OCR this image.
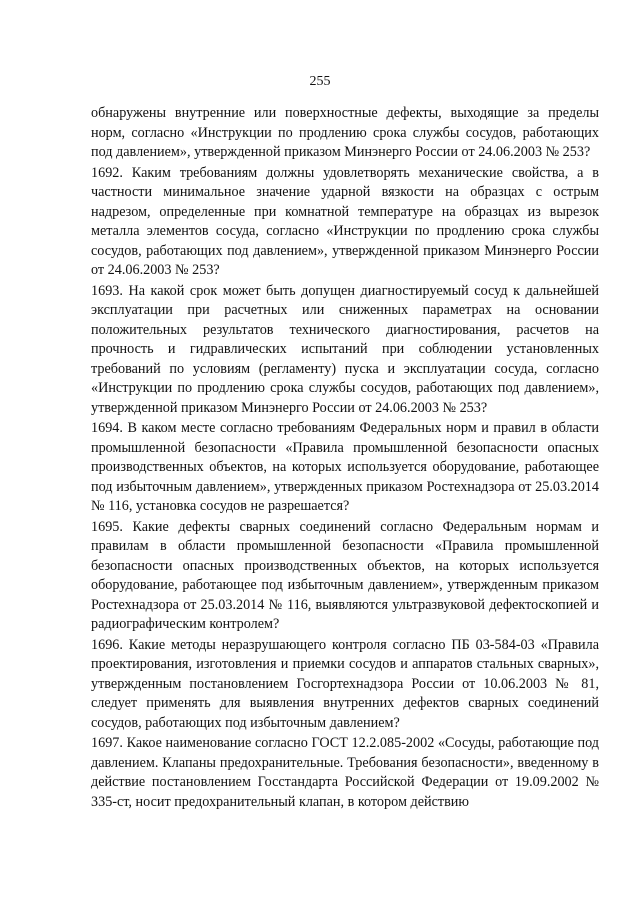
255

обнаружены внутренние или поверхностные дефекты, выходящие за пределы норм, согласно «Инструкции по продлению срока службы сосудов, работающих под давлением», утвержденной приказом Минэнерго России от 24.06.2003 № 253?

1692. Каким требованиям должны удовлетворять механические свойства, а в частности минимальное значение ударной вязкости на образцах с острым надрезом, определенные при комнатной температуре на образцах из вырезок металла элементов сосуда, согласно «Инструкции по продлению срока службы сосудов, работающих под давлением», утвержденной приказом Минэнерго России от 24.06.2003 № 253?

1693. На какой срок может быть допущен диагностируемый сосуд к дальнейшей эксплуатации при расчетных или сниженных параметрах на основании положительных результатов технического диагностирования, расчетов на прочность и гидравлических испытаний при соблюдении установленных требований по условиям (регламенту) пуска и эксплуатации сосуда, согласно «Инструкции по продлению срока службы сосудов, работающих под давлением», утвержденной приказом Минэнерго России от 24.06.2003 № 253?

1694. В каком месте согласно требованиям Федеральных норм и правил в области промышленной безопасности «Правила промышленной безопасности опасных производственных объектов, на которых используется оборудование, работающее под избыточным давлением», утвержденных приказом Ростехнадзора от 25.03.2014 № 116, установка сосудов не разрешается?

1695. Какие дефекты сварных соединений согласно Федеральным нормам и правилам в области промышленной безопасности «Правила промышленной безопасности опасных производственных объектов, на которых используется оборудование, работающее под избыточным давлением», утвержденным приказом Ростехнадзора от 25.03.2014 № 116, выявляются ультразвуковой дефектоскопией и радиографическим контролем?

1696. Какие методы неразрушающего контроля согласно ПБ 03-584-03 «Правила проектирования, изготовления и приемки сосудов и аппаратов стальных сварных», утвержденным постановлением Госгортехнадзора России от 10.06.2003 № 81, следует применять для выявления внутренних дефектов сварных соединений сосудов, работающих под избыточным давлением?

1697. Какое наименование согласно ГОСТ 12.2.085-2002 «Сосуды, работающие под давлением. Клапаны предохранительные. Требования безопасности», введенному в действие постановлением Госстандарта Российской Федерации от 19.09.2002 № 335-ст, носит предохранительный клапан, в котором действию
